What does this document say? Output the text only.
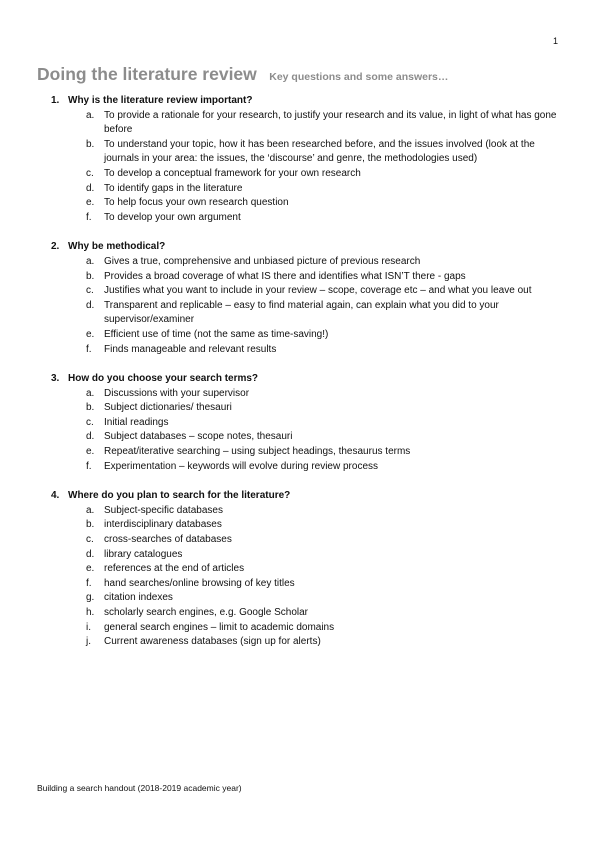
1
Doing the literature review Key questions and some answers…
1. Why is the literature review important?
a. To provide a rationale for your research, to justify your research and its value, in light of what has gone before
b. To understand your topic, how it has been researched before, and the issues involved (look at the journals in your area: the issues, the ‘discourse’ and genre, the methodologies used)
c. To develop a conceptual framework for your own research
d. To identify gaps in the literature
e. To help focus your own research question
f. To develop your own argument
2. Why be methodical?
a. Gives a true, comprehensive and unbiased picture of previous research
b. Provides a broad coverage of what IS there and identifies what ISN’T there - gaps
c. Justifies what you want to include in your review – scope, coverage etc – and what you leave out
d. Transparent and replicable – easy to find material again, can explain what you did to your supervisor/examiner
e. Efficient use of time (not the same as time-saving!)
f. Finds manageable and relevant results
3. How do you choose your search terms?
a. Discussions with your supervisor
b. Subject dictionaries/ thesauri
c. Initial readings
d. Subject databases – scope notes, thesauri
e. Repeat/iterative searching – using subject headings, thesaurus terms
f. Experimentation – keywords will evolve during review process
4. Where do you plan to search for the literature?
a. Subject-specific databases
b. interdisciplinary databases
c. cross-searches of databases
d. library catalogues
e. references at the end of articles
f. hand searches/online browsing of key titles
g. citation indexes
h. scholarly search engines, e.g. Google Scholar
i. general search engines – limit to academic domains
j. Current awareness databases (sign up for alerts)
Building a search handout (2018-2019 academic year)
